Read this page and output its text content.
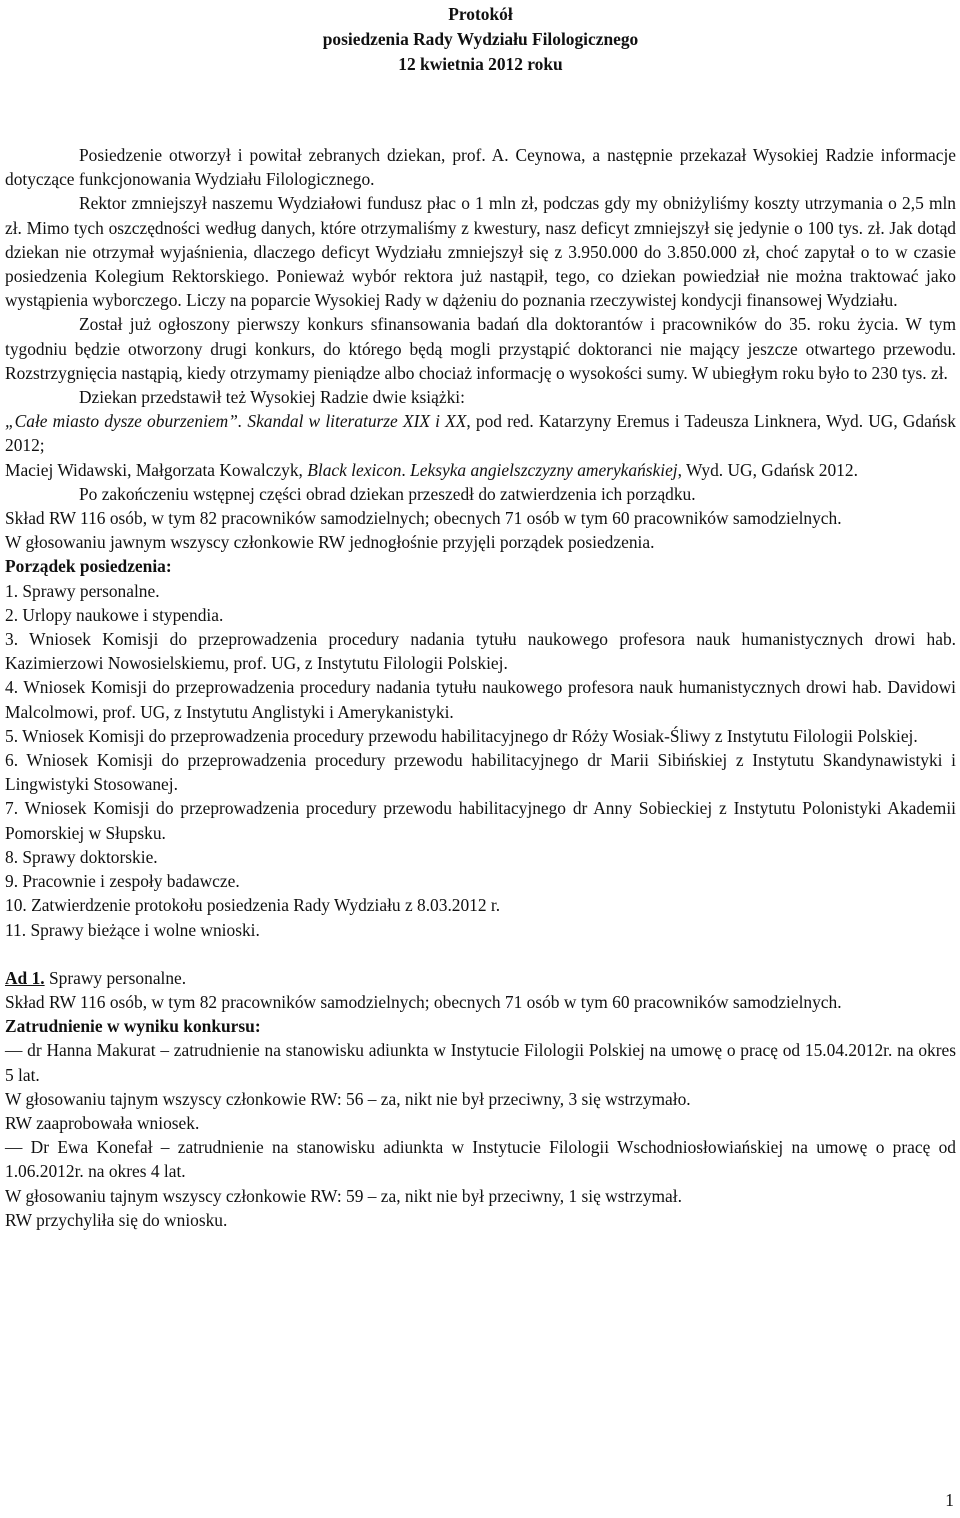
Protokół
posiedzenia Rady Wydziału Filologicznego
12 kwietnia 2012 roku

Posiedzenie otworzył i powitał zebranych dziekan, prof. A. Ceynowa, a następnie przekazał Wysokiej Radzie informacje dotyczące funkcjonowania Wydziału Filologicznego.

Rektor zmniejszył naszemu Wydziałowi fundusz płac o 1 mln zł, podczas gdy my obniżyliśmy koszty utrzymania o 2,5 mln zł. Mimo tych oszczędności według danych, które otrzymaliśmy z kwestury, nasz deficyt zmniejszył się jedynie o 100 tys. zł. Jak dotąd dziekan nie otrzymał wyjaśnienia, dlaczego deficyt Wydziału zmniejszył się z 3.950.000 do 3.850.000 zł, choć zapytał o to w czasie posiedzenia Kolegium Rektorskiego. Ponieważ wybór rektora już nastąpił, tego, co dziekan powiedział nie można traktować jako wystąpienia wyborczego. Liczy na poparcie Wysokiej Rady w dążeniu do poznania rzeczywistej kondycji finansowej Wydziału.

Został już ogłoszony pierwszy konkurs sfinansowania badań dla doktorantów i pracowników do 35. roku życia. W tym tygodniu będzie otworzony drugi konkurs, do którego będą mogli przystąpić doktoranci nie mający jeszcze otwartego przewodu. Rozstrzygnięcia nastąpią, kiedy otrzymamy pieniądze albo chociaż informację o wysokości sumy. W ubiegłym roku było to 230 tys. zł.

Dziekan przedstawił też Wysokiej Radzie dwie książki:

„Całe miasto dysze oburzeniem”. Skandal w literaturze XIX i XX, pod red. Katarzyny Eremus i Tadeusza Linknera, Wyd. UG, Gdańsk 2012;

Maciej Widawski, Małgorzata Kowalczyk, Black lexicon. Leksyka angielszczyzny amerykańskiej, Wyd. UG, Gdańsk 2012.

Po zakończeniu wstępnej części obrad dziekan przeszedł do zatwierdzenia ich porządku.

Skład RW 116 osób, w tym 82 pracowników samodzielnych; obecnych 71 osób w tym 60 pracowników samodzielnych.

W głosowaniu jawnym wszyscy członkowie RW jednogłośnie przyjęli porządek posiedzenia.

Porządek posiedzenia:

1. Sprawy personalne.

2. Urlopy naukowe i stypendia.

3. Wniosek Komisji do przeprowadzenia procedury nadania tytułu naukowego profesora nauk humanistycznych drowi hab. Kazimierzowi Nowosielskiemu, prof. UG, z Instytutu Filologii Polskiej.

4. Wniosek Komisji do przeprowadzenia procedury nadania tytułu naukowego profesora nauk humanistycznych drowi hab. Davidowi Malcolmowi, prof. UG, z Instytutu Anglistyki i Amerykanistyki.

5. Wniosek Komisji do przeprowadzenia procedury przewodu habilitacyjnego dr Róży Wosiak-Śliwy z Instytutu Filologii Polskiej.

6. Wniosek Komisji do przeprowadzenia procedury przewodu habilitacyjnego dr Marii Sibińskiej z Instytutu Skandynawistyki i Lingwistyki Stosowanej.

7. Wniosek Komisji do przeprowadzenia procedury przewodu habilitacyjnego dr Anny Sobieckiej z Instytutu Polonistyki Akademii Pomorskiej w Słupsku.

8. Sprawy doktorskie.

9. Pracownie i zespoły badawcze.

10. Zatwierdzenie protokołu posiedzenia Rady Wydziału z 8.03.2012 r.

11. Sprawy bieżące i wolne wnioski.

Ad 1. Sprawy personalne.

Skład RW 116 osób, w tym 82 pracowników samodzielnych; obecnych 71 osób w tym 60 pracowników samodzielnych.

Zatrudnienie w wyniku konkursu:

— dr Hanna Makurat – zatrudnienie na stanowisku adiunkta w Instytucie Filologii Polskiej na umowę o pracę od 15.04.2012r. na okres 5 lat.

W głosowaniu tajnym wszyscy członkowie RW: 56 – za, nikt nie był przeciwny, 3 się wstrzymało.

RW zaaprobowała wniosek.

— Dr Ewa Konefał – zatrudnienie na stanowisku adiunkta w Instytucie Filologii Wschodniosłowiańskiej na umowę o pracę od 1.06.2012r. na okres 4 lat.

W głosowaniu tajnym wszyscy członkowie RW: 59 – za, nikt nie był przeciwny, 1 się wstrzymał.

RW przychyliła się do wniosku.

1
